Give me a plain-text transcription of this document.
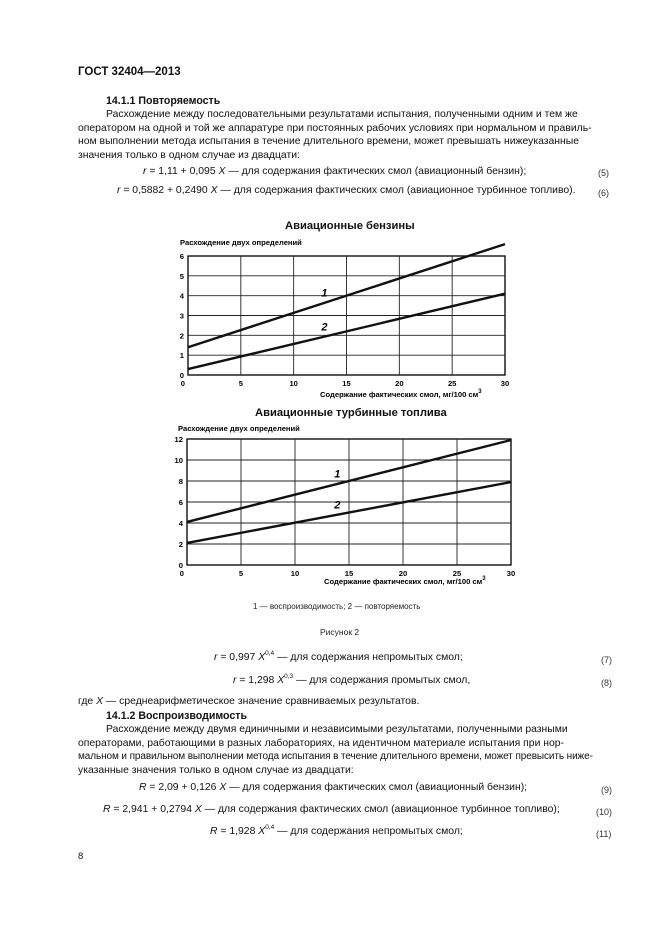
ГОСТ 32404—2013
14.1.1 Повторяемость
Расхождение между последовательными результатами испытания, полученными одним и тем же
оператором на одной и той же аппаратуре при постоянных рабочих условиях при нормальном и правиль-
ном выполнении метода испытания в течение длительного времени, может превышать нижеуказанные
значения только в одном случае из двадцати:
r = 1,11 + 0,095 X — для содержания фактических смол (авиационный бензин);	(5)
r = 0,5882 + 0,2490 X — для содержания фактических смол (авиационное турбинное топливо).	(6)
Авиационные бензины
Расхождение двух определений
1
2
0	5	10	15	20	25	30
0
1
2
3
4
5
6
Содержание фактических смол, мг/100 $см^3$
Авиационные турбинные топлива
Расхождение двух определений
1
2
0	5	10	15	20	25	30
0
2
4
6
8
10
12
Содержание фактических смол, мг/100 $см^3$
1 — воспроизводимость; 2 — повторяемость
Рисунок 2
r = 0,997 X$^{0,4}$ — для содержания непромытых смол;	(7)
r = 1,298 X$^{0,3}$ — для содержания промытых смол,	(8)
где X — среднеарифметическое значение сравниваемых результатов.
14.1.2 Воспроизводимость
Расхождение между двумя единичными и независимыми результатами, полученными разными
операторами, работающими в разных лабораториях, на идентичном материале испытания при нор-
мальном и правильном выполнении метода испытания в течение длительного времени, может превысить ниже-
указанные значения только в одном случае из двадцати:
R = 2,09 + 0,126 X — для содержания фактических смол (авиационный бензин);	(9)
R = 2,941 + 0,2794 X — для содержания фактических смол (авиационное турбинное топливо);	(10)
R = 1,928 X$^{0,4}$ — для содержания непромытых смол;	(11)
8
